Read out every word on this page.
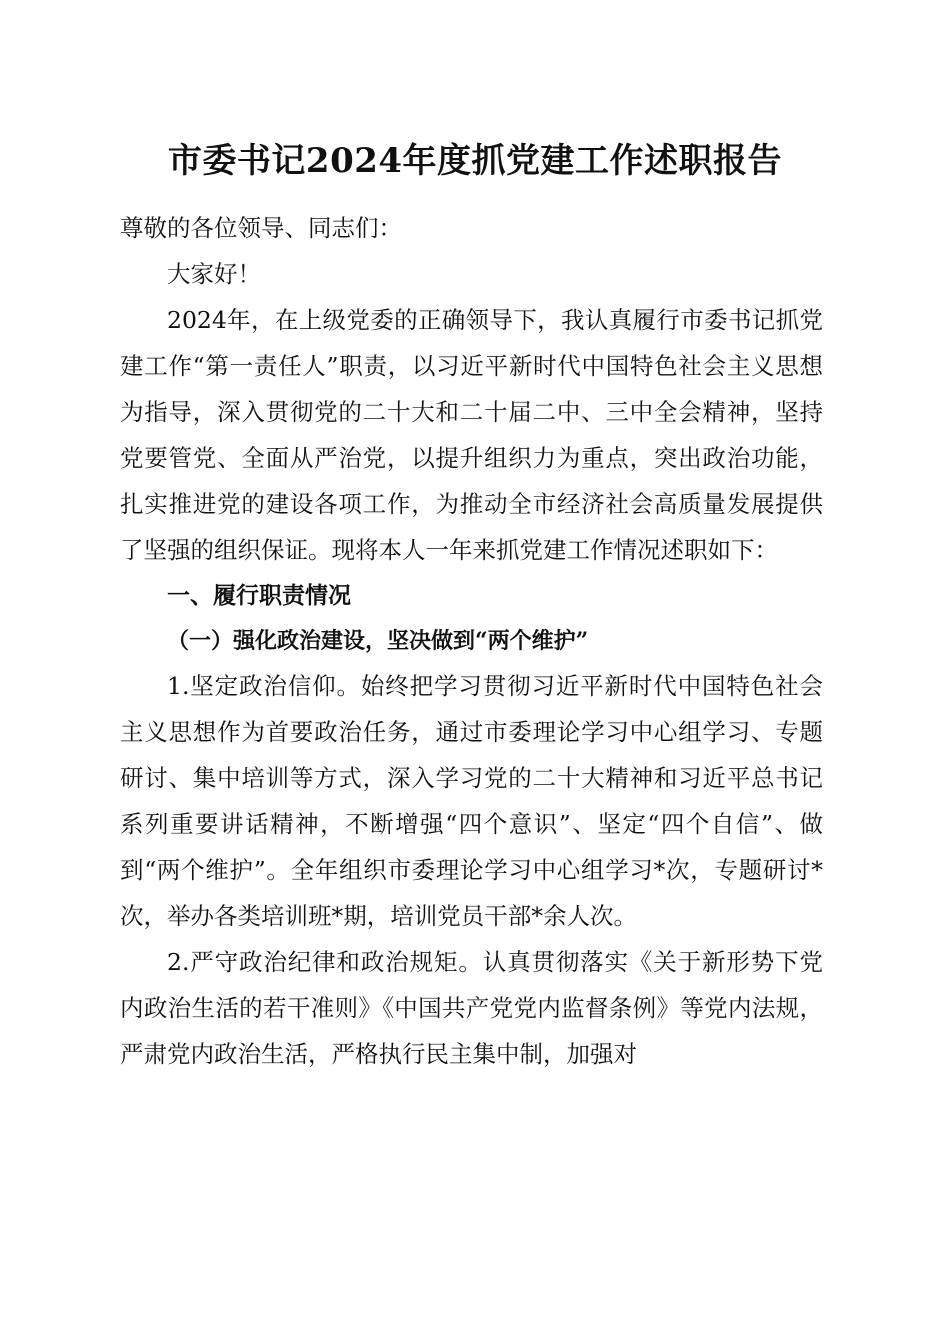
市委书记2024年度抓党建工作述职报告

尊敬的各位领导、同志们：

大家好！

2024年，在上级党委的正确领导下，我认真履行市委书记抓党建工作“第一责任人”职责，以习近平新时代中国特色社会主义思想为指导，深入贯彻党的二十大和二十届二中、三中全会精神，坚持党要管党、全面从严治党，以提升组织力为重点，突出政治功能，扎实推进党的建设各项工作，为推动全市经济社会高质量发展提供了坚强的组织保证。现将本人一年来抓党建工作情况述职如下：

一、履行职责情况

（一）强化政治建设，坚决做到“两个维护”

1.坚定政治信仰。始终把学习贯彻习近平新时代中国特色社会主义思想作为首要政治任务，通过市委理论学习中心组学习、专题研讨、集中培训等方式，深入学习党的二十大精神和习近平总书记系列重要讲话精神，不断增强“四个意识”、坚定“四个自信”、做到“两个维护”。全年组织市委理论学习中心组学习*次，专题研讨*次，举办各类培训班*期，培训党员干部*余人次。

2.严守政治纪律和政治规矩。认真贯彻落实《关于新形势下党内政治生活的若干准则》《中国共产党党内监督条例》等党内法规，严肃党内政治生活，严格执行民主集中制，加强对
